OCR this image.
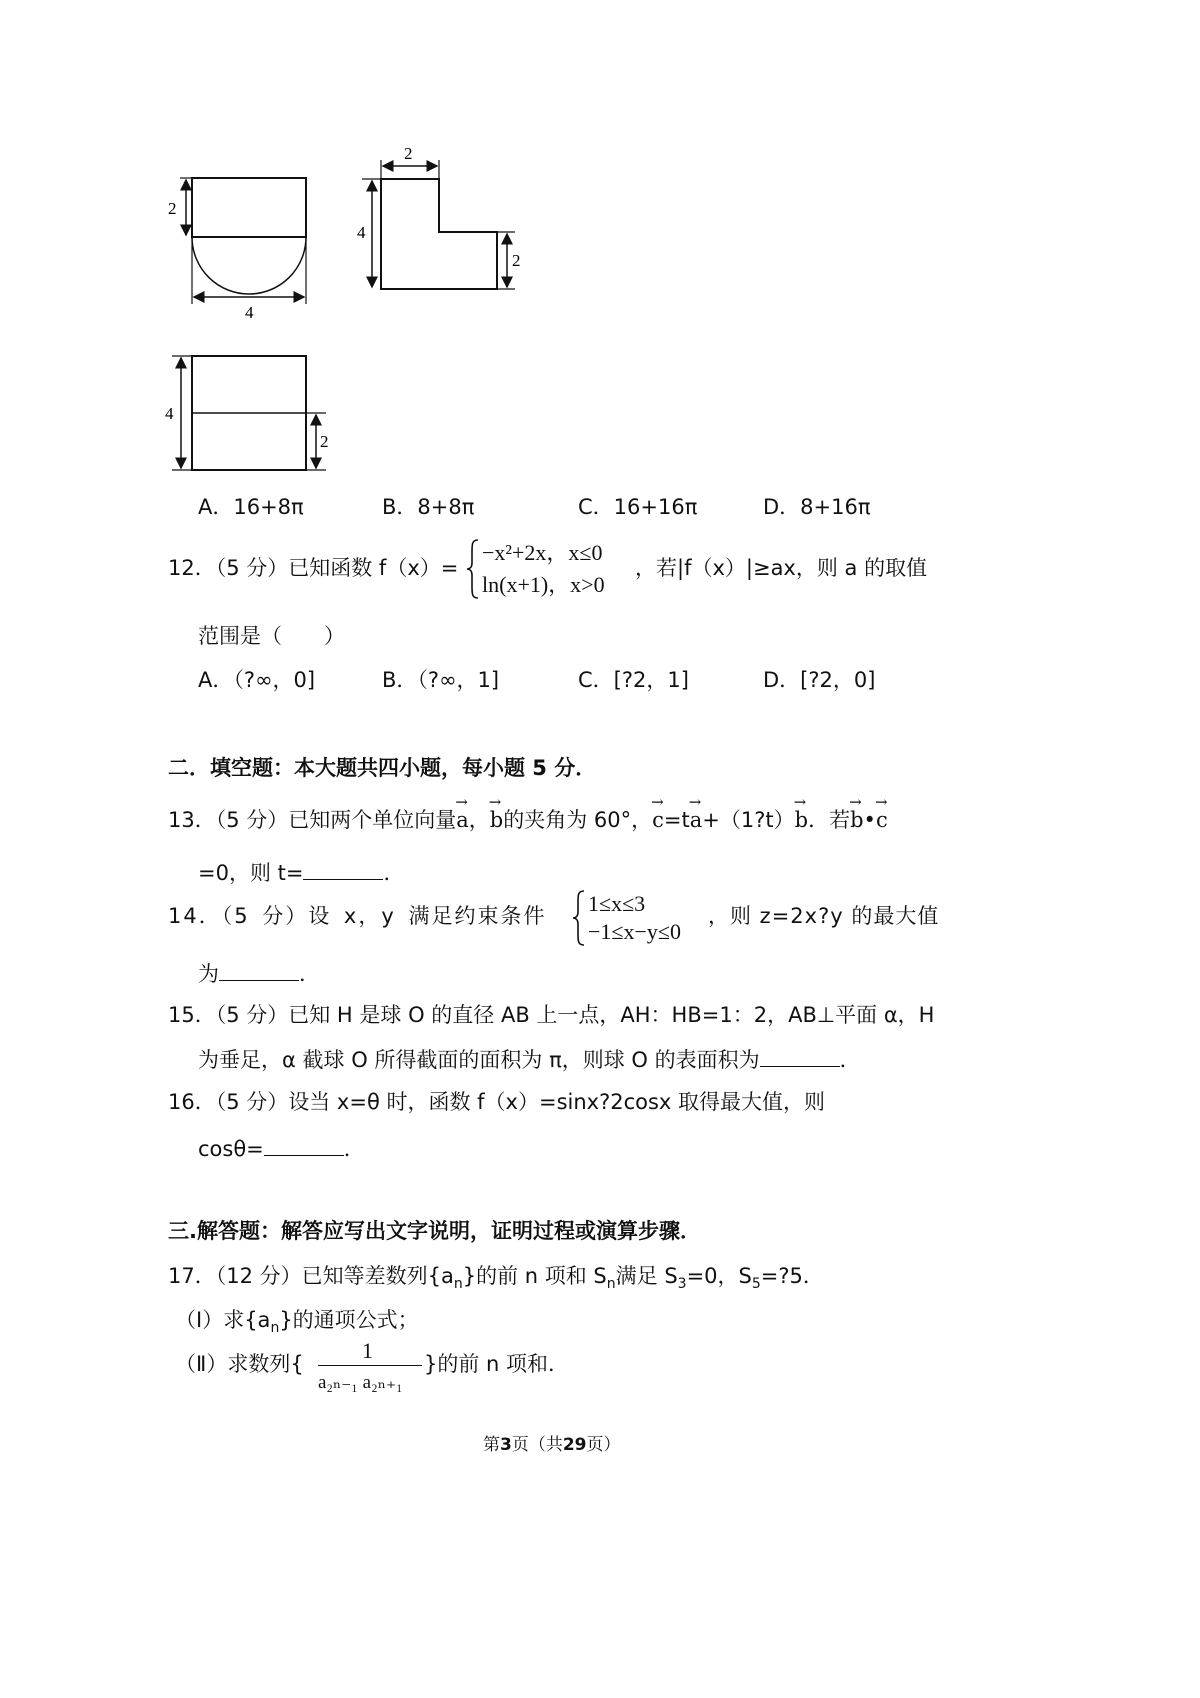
2
4
2
4
2
4
2
A．16+8π	B．8+8π	C．16+16π	D．8+16π
12．（5 分）已知函数 f（x）=
−x²+2x，x≤0
ln(x+1)，x>0
，若|f（x）|≥ax，则 a 的取值
范围是（　　）
A．（?∞，0]	B．（?∞，1]	C．[?2，1]	D．[?2，0]
二．填空题：本大题共四小题，每小题 5 分．
13．（5 分）已知两个单位向量→ a，→ b的夹角为 60°，→ c=t→ a+（1?t）→ b．若→ b•→ c
=0，则 t=	．
14．（5 分）设 x，y 满足约束条件 1≤x≤3
−1≤x−y≤0
，则 z=2x?y 的最大值
为	．
15．（5 分）已知 H 是球 O 的直径 AB 上一点，AH：HB=1：2，AB⊥平面 α，H
为垂足，α 截球 O 所得截面的面积为 π，则球 O 的表面积为	．
16．（5 分）设当 x=θ 时，函数 f（x）=sinx?2cosx 取得最大值，则
cosθ=	．
三.解答题：解答应写出文字说明，证明过程或演算步骤．
17．（12 分）已知等差数列$\{a_n\}$的前 n 项和 $S_n$满足 $S_3=0$，$S_5=?5$．
（Ⅰ）求$\{a_n\}$的通项公式；
（Ⅱ）求数列{
1
a₂ₙ₋₁ a₂ₙ₊₁
}的前 n 项和．
第3页（共29页）
